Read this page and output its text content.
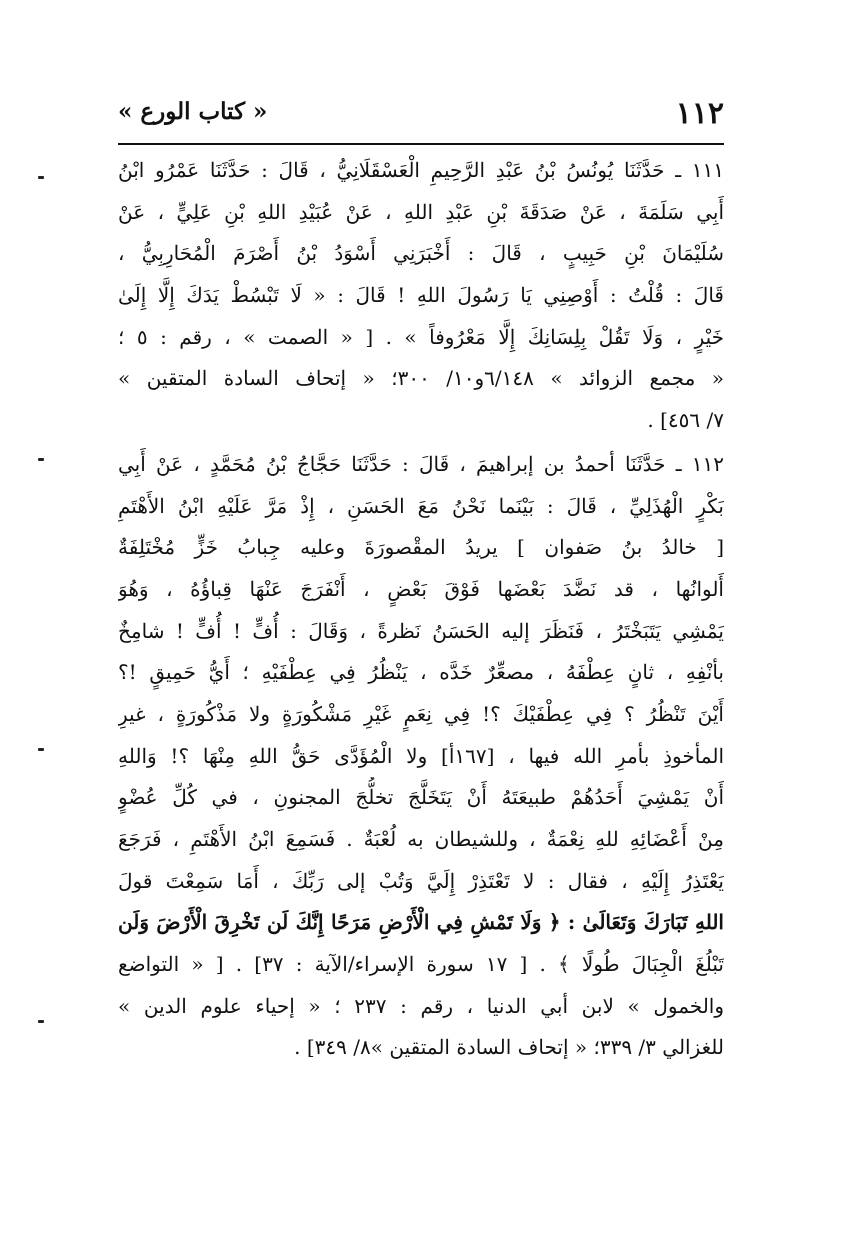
١١٢
« كتاب الورع »
١١١ ـ حَدَّثَنَا يُونُسُ بْنُ عَبْدِ الرَّحِيمِ الْعَسْقَلَانِيُّ ، قَالَ : حَدَّثَنَا عَمْرُو ابْنُ
أَبِي سَلَمَةَ ، عَنْ صَدَقَةَ بْنِ عَبْدِ اللهِ ، عَنْ عُبَيْدِ اللهِ بْنِ عَلِيٍّ ، عَنْ
سُلَيْمَانَ بْنِ حَبِيبٍ ، قَالَ : أَخْبَرَنِي أَسْوَدُ بْنُ أَصْرَمَ الْمُحَارِبِيُّ ،
قَالَ : قُلْتُ : أَوْصِنِي يَا رَسُولَ اللهِ ! قَالَ : « لَا تَبْسُطْ يَدَكَ إِلَّا إِلَىٰ
خَيْرٍ ، وَلَا تَقُلْ بِلِسَانِكَ إِلَّا مَعْرُوفاً » . [ « الصمت » ، رقم : ٥ ؛
« مجمع الزوائد » ٦/١٤٨و١٠/ ٣٠٠؛ « إتحاف السادة المتقين »
٧/ ٤٥٦] .
١١٢ ـ حَدَّثَنَا أحمدُ بن إبراهيمَ ، قَالَ : حَدَّثَنَا حَجَّاجُ بْنُ مُحَمَّدٍ ، عَنْ أَبِي
بَكْرٍ الْهُذَلِيِّ ، قَالَ : بَيْنَما نَحْنُ مَعَ الحَسَنِ ، إِذْ مَرَّ عَلَيْهِ ابْنُ الأَهْتَمِ
[ خالدُ بنُ صَفوان ] يريدُ المقْصورَةَ وعليه جِبابُ خَزٍّ مُخْتَلِفَةٌ
أَلوانُها ، قد نَضَّدَ بَعْضَها فَوْقَ بَعْضٍ ، أَنْفَرَجَ عَنْهَا قِباؤُهُ ، وَهُوَ
يَمْشِي يَتَبَخْتَرُ ، فَنَظَرَ إليه الحَسَنُ نَظرةً ، وَقَالَ : أُفٍّ ! أُفٍّ ! شامِخٌ
بأنْفِهِ ، ثانٍ عِطْفَهُ ، مصعِّرٌ خَدَّه ، يَنْظُرُ فِي عِطْفَيْهِ ؛ أَيُّ حَمِيقٍ !؟
أَيْنَ تَنْظُرُ ؟ فِي عِطْفَيْكَ ؟! فِي نِعَمٍ غَيْرِ مَشْكُورَةٍ ولا مَذْكُورَةٍ ، غيرِ
المأخوذِ بأمرِ الله فيها ، [١٦٧أ] ولا الْمُؤَدَّى حَقُّ اللهِ مِنْهَا ؟! وَاللهِ
أَنْ يَمْشِيَ أَحَدُهُمْ طبيعَتَهُ أَنْ يَتَخَلَّجَ تخلُّجَ المجنونِ ، في كُلِّ عُضْوٍ
مِنْ أَعْضَائِهِ للهِ نِعْمَةٌ ، وللشيطان به لُعْبَةٌ . فَسَمِعَ ابْنُ الأَهْتَمِ ، فَرَجَعَ
يَعْتَذِرُ إِلَيْهِ ، فقال : لا تَعْتَذِرْ إِلَيَّ وَتُبْ إلى رَبِّكَ ، أَمَا سَمِعْتَ قولَ
اللهِ تَبَارَكَ وَتَعَالَىٰ : ﴿ وَلَا تَمْشِ فِي الْأَرْضِ مَرَحًا إِنَّكَ لَن تَخْرِقَ الْأَرْضَ وَلَن
تَبْلُغَ الْجِبَالَ طُولًا ﴾ . [ ١٧ سورة الإسراء/الآية : ٣٧] . [ « التواضع
والخمول » لابن أبي الدنيا ، رقم : ٢٣٧ ؛ « إحياء علوم الدين »
للغزالي ٣/ ٣٣٩؛ « إتحاف السادة المتقين »٨/ ٣٤٩] .
